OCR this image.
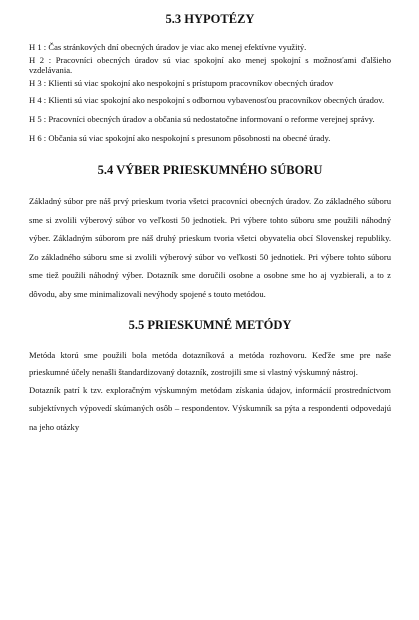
5.3 HYPOTÉZY

H 1 : Čas stránkových dní obecných úradov je viac ako menej efektívne využitý.

H 2 : Pracovníci obecných úradov sú viac spokojní ako menej spokojní s možnosťami ďalšieho vzdelávania.

H 3 : Klienti sú viac spokojní ako nespokojní s prístupom pracovníkov obecných úradov

H 4 : Klienti sú viac spokojní ako nespokojní s odbornou vybavenosťou pracovníkov obecných úradov.

H 5 : Pracovníci obecných úradov a občania sú nedostatočne informovaní o reforme verejnej správy.

H 6 : Občania sú viac spokojní ako nespokojní s presunom pôsobnosti na obecné úrady.

5.4 VÝBER PRIESKUMNÉHO SÚBORU

Základný súbor pre náš prvý prieskum tvoria všetci pracovníci obecných úradov. Zo základného súboru sme si zvolili výberový súbor vo veľkosti 50 jednotiek. Pri výbere tohto súboru sme použili náhodný výber. Základným súborom pre náš druhý prieskum tvoria všetci obyvatelia obcí Slovenskej republiky. Zo základného súboru sme si zvolili výberový súbor vo veľkosti 50 jednotiek. Pri výbere tohto súboru sme tiež použili náhodný výber. Dotazník sme doručili osobne a osobne sme ho aj vyzbierali, a to z dôvodu, aby sme minimalizovali nevýhody spojené s touto metódou.

5.5 PRIESKUMNÉ METÓDY

Metóda ktorú sme použili bola metóda dotazníková a metóda rozhovoru. Keďže sme pre naše prieskumné účely nenašli štandardizovaný dotazník, zostrojili sme si vlastný výskumný nástroj.

Dotazník patrí k tzv. exploračným výskumným metódam získania údajov, informácií prostredníctvom subjektívnych výpovedí skúmaných osôb – respondentov. Výskumník sa pýta a respondenti odpovedajú na jeho otázky
